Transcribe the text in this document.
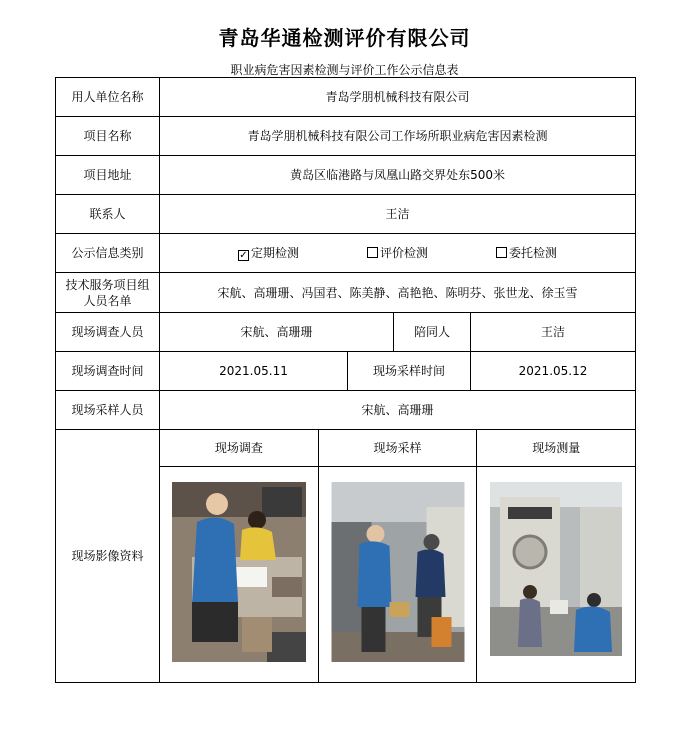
青岛华通检测评价有限公司
职业病危害因素检测与评价工作公示信息表
用人单位名称	青岛学朋机械科技有限公司			
项目名称	青岛学朋机械科技有限公司工作场所职业病危害因素检测			
项目地址	黄岛区临港路与凤凰山路交界处东500米			
联系人	王洁			
公示信息类别	✓ 定期检测 评价检测 委托检测			
技术服务项目组人员名单	宋航、高珊珊、冯国君、陈美静、高艳艳、陈明芬、张世龙、徐玉雪			
现场调查人员	宋航、高珊珊		陪同人	王洁
现场调查时间	2021.05.11	现场采样时间		2021.05.12
现场采样人员	宋航、高珊珊			
现场影像资料	现场调查 现场采样 现场测量			
